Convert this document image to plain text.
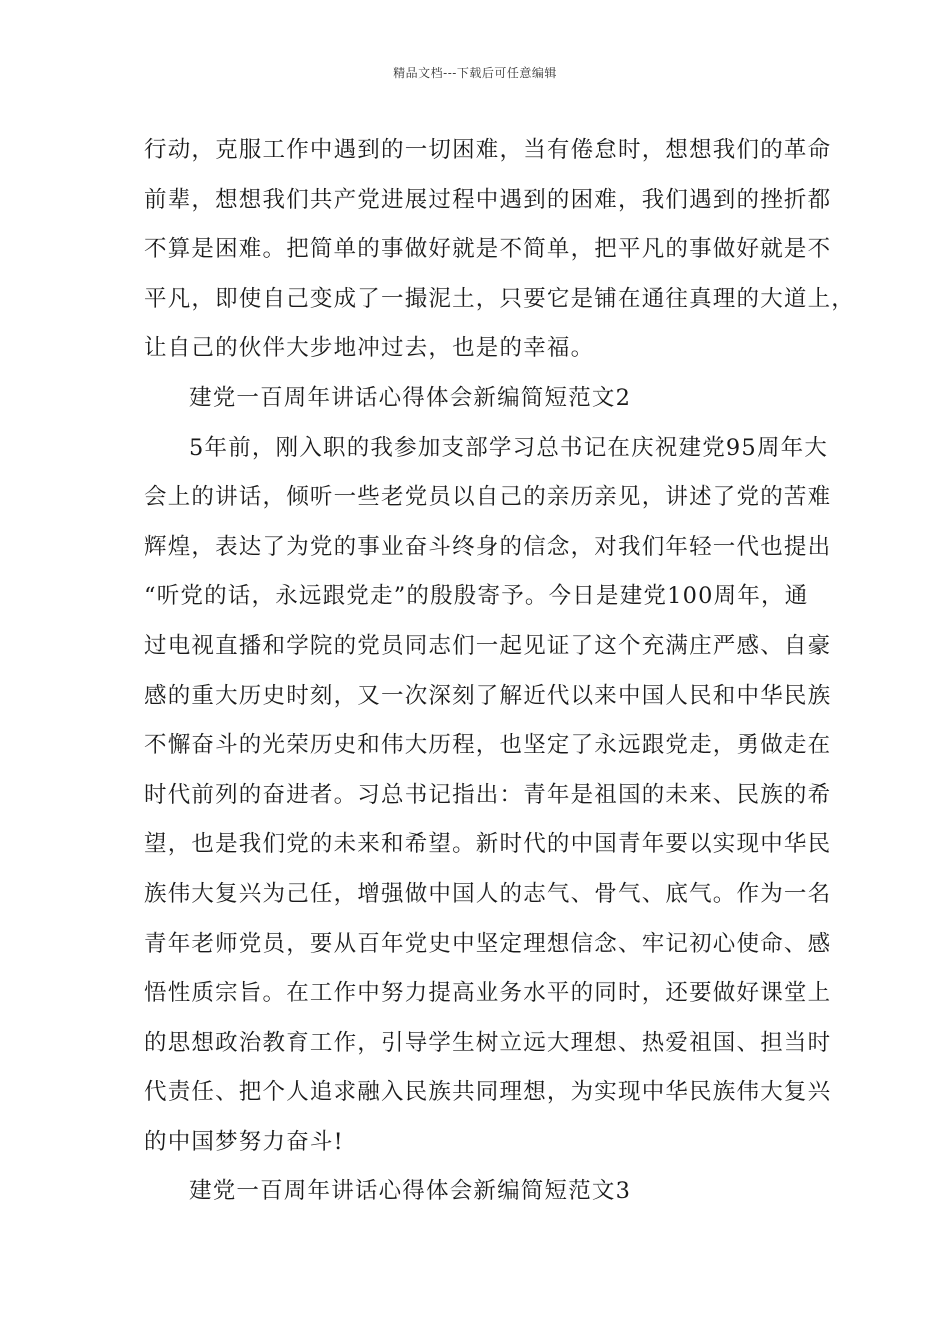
精品文档---下载后可任意编辑
行动，克服工作中遇到的一切困难，当有倦怠时，想想我们的革命
前辈，想想我们共产党进展过程中遇到的困难，我们遇到的挫折都
不算是困难。把简单的事做好就是不简单，把平凡的事做好就是不
平凡，即使自己变成了一撮泥土，只要它是铺在通往真理的大道上，
让自己的伙伴大步地冲过去，也是的幸福。
建党一百周年讲话心得体会新编简短范文2
5年前，刚入职的我参加支部学习总书记在庆祝建党95周年大
会上的讲话，倾听一些老党员以自己的亲历亲见，讲述了党的苦难
辉煌，表达了为党的事业奋斗终身的信念，对我们年轻一代也提出
“听党的话，永远跟党走”的殷殷寄予。今日是建党100周年，通
过电视直播和学院的党员同志们一起见证了这个充满庄严感、自豪
感的重大历史时刻，又一次深刻了解近代以来中国人民和中华民族
不懈奋斗的光荣历史和伟大历程，也坚定了永远跟党走，勇做走在
时代前列的奋进者。习总书记指出：青年是祖国的未来、民族的希
望，也是我们党的未来和希望。新时代的中国青年要以实现中华民
族伟大复兴为己任，增强做中国人的志气、骨气、底气。作为一名
青年老师党员，要从百年党史中坚定理想信念、牢记初心使命、感
悟性质宗旨。在工作中努力提高业务水平的同时，还要做好课堂上
的思想政治教育工作，引导学生树立远大理想、热爱祖国、担当时
代责任、把个人追求融入民族共同理想，为实现中华民族伟大复兴
的中国梦努力奋斗!
建党一百周年讲话心得体会新编简短范文3
